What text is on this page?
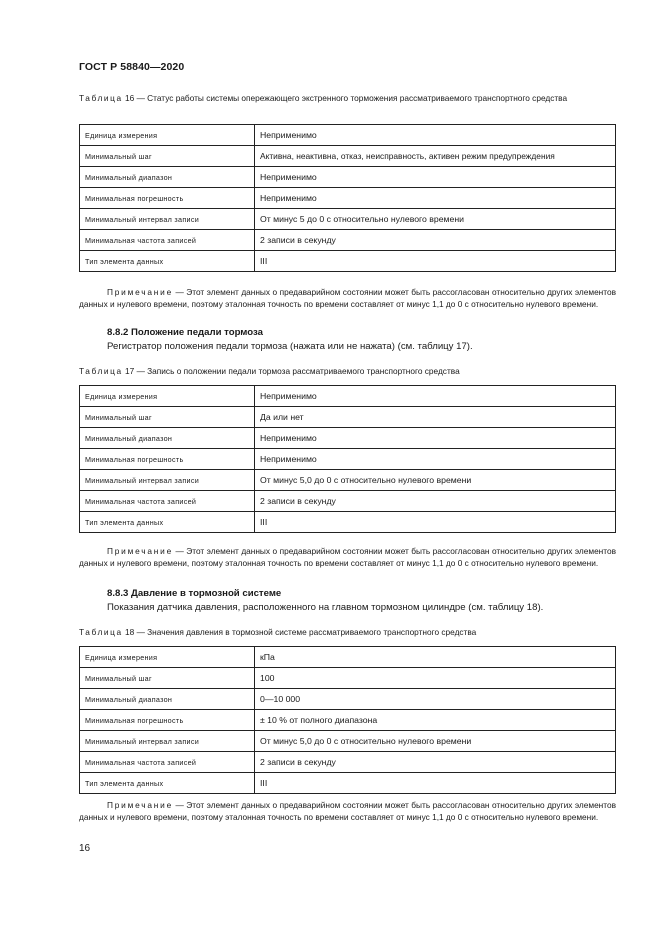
ГОСТ Р 58840—2020
Таблица 16 — Статус работы системы опережающего экстренного торможения рассматриваемого транспортного средства
Единица измерения	Неприменимо
Минимальный шаг	Активна, неактивна, отказ, неисправность, активен режим предупреждения
Минимальный диапазон	Неприменимо
Минимальная погрешность	Неприменимо
Минимальный интервал записи	От минус 5 до 0 с относительно нулевого времени
Минимальная частота записей	2 записи в секунду
Тип элемента данных	III
Примечание — Этот элемент данных о предаварийном состоянии может быть рассогласован относительно других элементов данных и нулевого времени, поэтому эталонная точность по времени составляет от минус 1,1 до 0 с относительно нулевого времени.
8.8.2 Положение педали тормоза
Регистратор положения педали тормоза (нажата или не нажата) (см. таблицу 17).
Таблица 17 — Запись о положении педали тормоза рассматриваемого транспортного средства
Единица измерения	Неприменимо
Минимальный шаг	Да или нет
Минимальный диапазон	Неприменимо
Минимальная погрешность	Неприменимо
Минимальный интервал записи	От минус 5,0 до 0 с относительно нулевого времени
Минимальная частота записей	2 записи в секунду
Тип элемента данных	III
Примечание — Этот элемент данных о предаварийном состоянии может быть рассогласован относительно других элементов данных и нулевого времени, поэтому эталонная точность по времени составляет от минус 1,1 до 0 с относительно нулевого времени.
8.8.3 Давление в тормозной системе
Показания датчика давления, расположенного на главном тормозном цилиндре (см. таблицу 18).
Таблица 18 — Значения давления в тормозной системе рассматриваемого транспортного средства
Единица измерения	кПа
Минимальный шаг	100
Минимальный диапазон	0—10 000
Минимальная погрешность	± 10 % от полного диапазона
Минимальный интервал записи	От минус 5,0 до 0 с относительно нулевого времени
Минимальная частота записей	2 записи в секунду
Тип элемента данных	III
Примечание — Этот элемент данных о предаварийном состоянии может быть рассогласован относительно других элементов данных и нулевого времени, поэтому эталонная точность по времени составляет от минус 1,1 до 0 с относительно нулевого времени.
16
